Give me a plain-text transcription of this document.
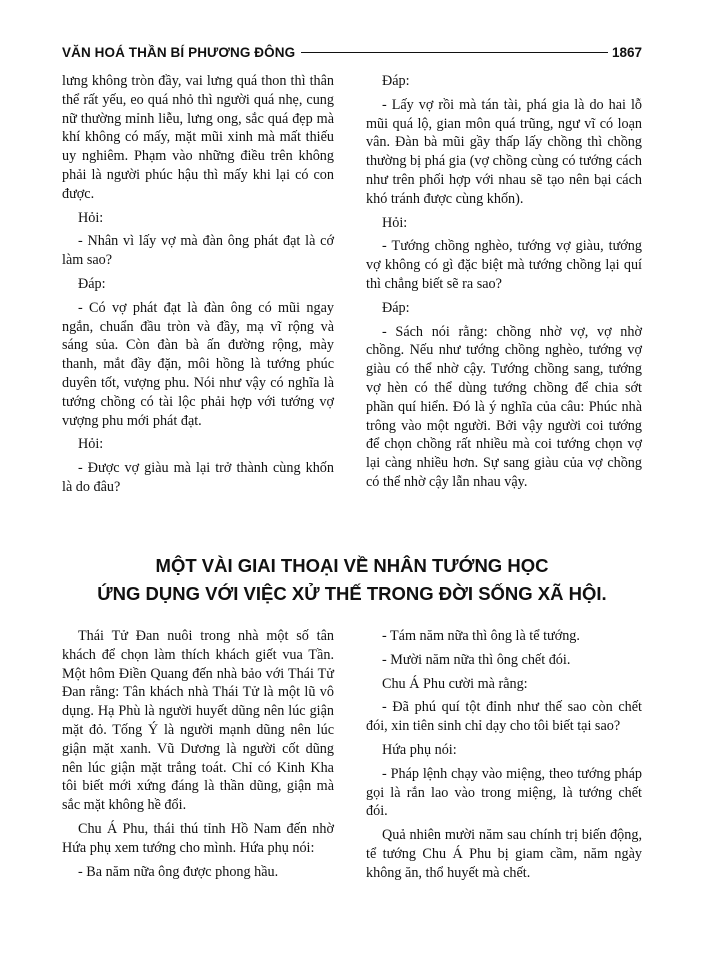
VĂN HOÁ THẦN BÍ PHƯƠNG ĐÔNG	1867

lưng không tròn đầy, vai lưng quá thon thì thân thể rất yếu, eo quá nhỏ thì người quá nhẹ, cung nữ thường mỉnh liễu, lưng ong, sắc quá đẹp mà khí không có mấy, mặt mũi xinh mà mất thiếu uy nghiêm. Phạm vào những điều trên không phải là người phúc hậu thì mấy khi lại có con được.

Hỏi:

- Nhân vì lấy vợ mà đàn ông phát đạt là cớ làm sao?

Đáp:

- Có vợ phát đạt là đàn ông có mũi ngay ngắn, chuẩn đầu tròn và đầy, mạ vĩ rộng và sáng sủa. Còn đàn bà ấn đường rộng, mày thanh, mắt đầy đặn, môi hồng là tướng phúc duyên tốt, vượng phu. Nói như vậy có nghĩa là tướng chồng có tài lộc phải hợp với tướng vợ vượng phu mới phát đạt.

Hỏi:

- Được vợ giàu mà lại trở thành cùng khốn là do đâu?

Đáp:

- Lấy vợ rồi mà tán tài, phá gia là do hai lỗ mũi quá lộ, gian môn quá trũng, ngư vĩ có loạn vân. Đàn bà mũi gầy thấp lấy chồng thì chồng thường bị phá gia (vợ chồng cùng có tướng cách như trên phối hợp với nhau sẽ tạo nên bại cách khó tránh được cùng khốn).

Hỏi:

- Tướng chồng nghèo, tướng vợ giàu, tướng vợ không có gì đặc biệt mà tướng chồng lại quí thì chẳng biết sẽ ra sao?

Đáp:

- Sách nói rằng: chồng nhờ vợ, vợ nhờ chồng. Nếu như tướng chồng nghèo, tướng vợ giàu có thể nhờ cậy. Tướng chồng sang, tướng vợ hèn có thể dùng tướng chồng để chia sớt phần quí hiển. Đó là ý nghĩa của câu: Phúc nhà trông vào một người. Bởi vậy người coi tướng để chọn chồng rất nhiều mà coi tướng chọn vợ lại càng nhiều hơn. Sự sang giàu của vợ chồng có thể nhờ cậy lẫn nhau vậy.

MỘT VÀI GIAI THOẠI VỀ NHÂN TƯỚNG HỌC
ỨNG DỤNG VỚI VIỆC XỬ THẾ TRONG ĐỜI SỐNG XÃ HỘI.

Thái Tử Đan nuôi trong nhà một số tân khách để chọn làm thích khách giết vua Tần. Một hôm Điền Quang đến nhà bảo với Thái Tử Đan rằng: Tân khách nhà Thái Tử là một lũ vô dụng. Hạ Phù là người huyết dũng nên lúc giận mặt đỏ. Tống Ý là người mạnh dũng nên lúc giận mặt xanh. Vũ Dương là người cốt dũng nên lúc giận mặt trắng toát. Chỉ có Kinh Kha tôi biết mới xứng đáng là thần dũng, giận mà sắc mặt không hề đổi.

Chu Á Phu, thái thú tỉnh Hồ Nam đến nhờ Hứa phụ xem tướng cho mình. Hứa phụ nói:

- Ba năm nữa ông được phong hầu.

- Tám năm nữa thì ông là tể tướng.

- Mười năm nữa thì ông chết đói.

Chu Á Phu cười mà rằng:

- Đã phú quí tột đỉnh như thế sao còn chết đói, xin tiên sinh chỉ dạy cho tôi biết tại sao?

Hứa phụ nói:

- Pháp lệnh chạy vào miệng, theo tướng pháp gọi là rắn lao vào trong miệng, là tướng chết đói.

Quả nhiên mười năm sau chính trị biến động, tể tướng Chu Á Phu bị giam cầm, năm ngày không ăn, thổ huyết mà chết.
